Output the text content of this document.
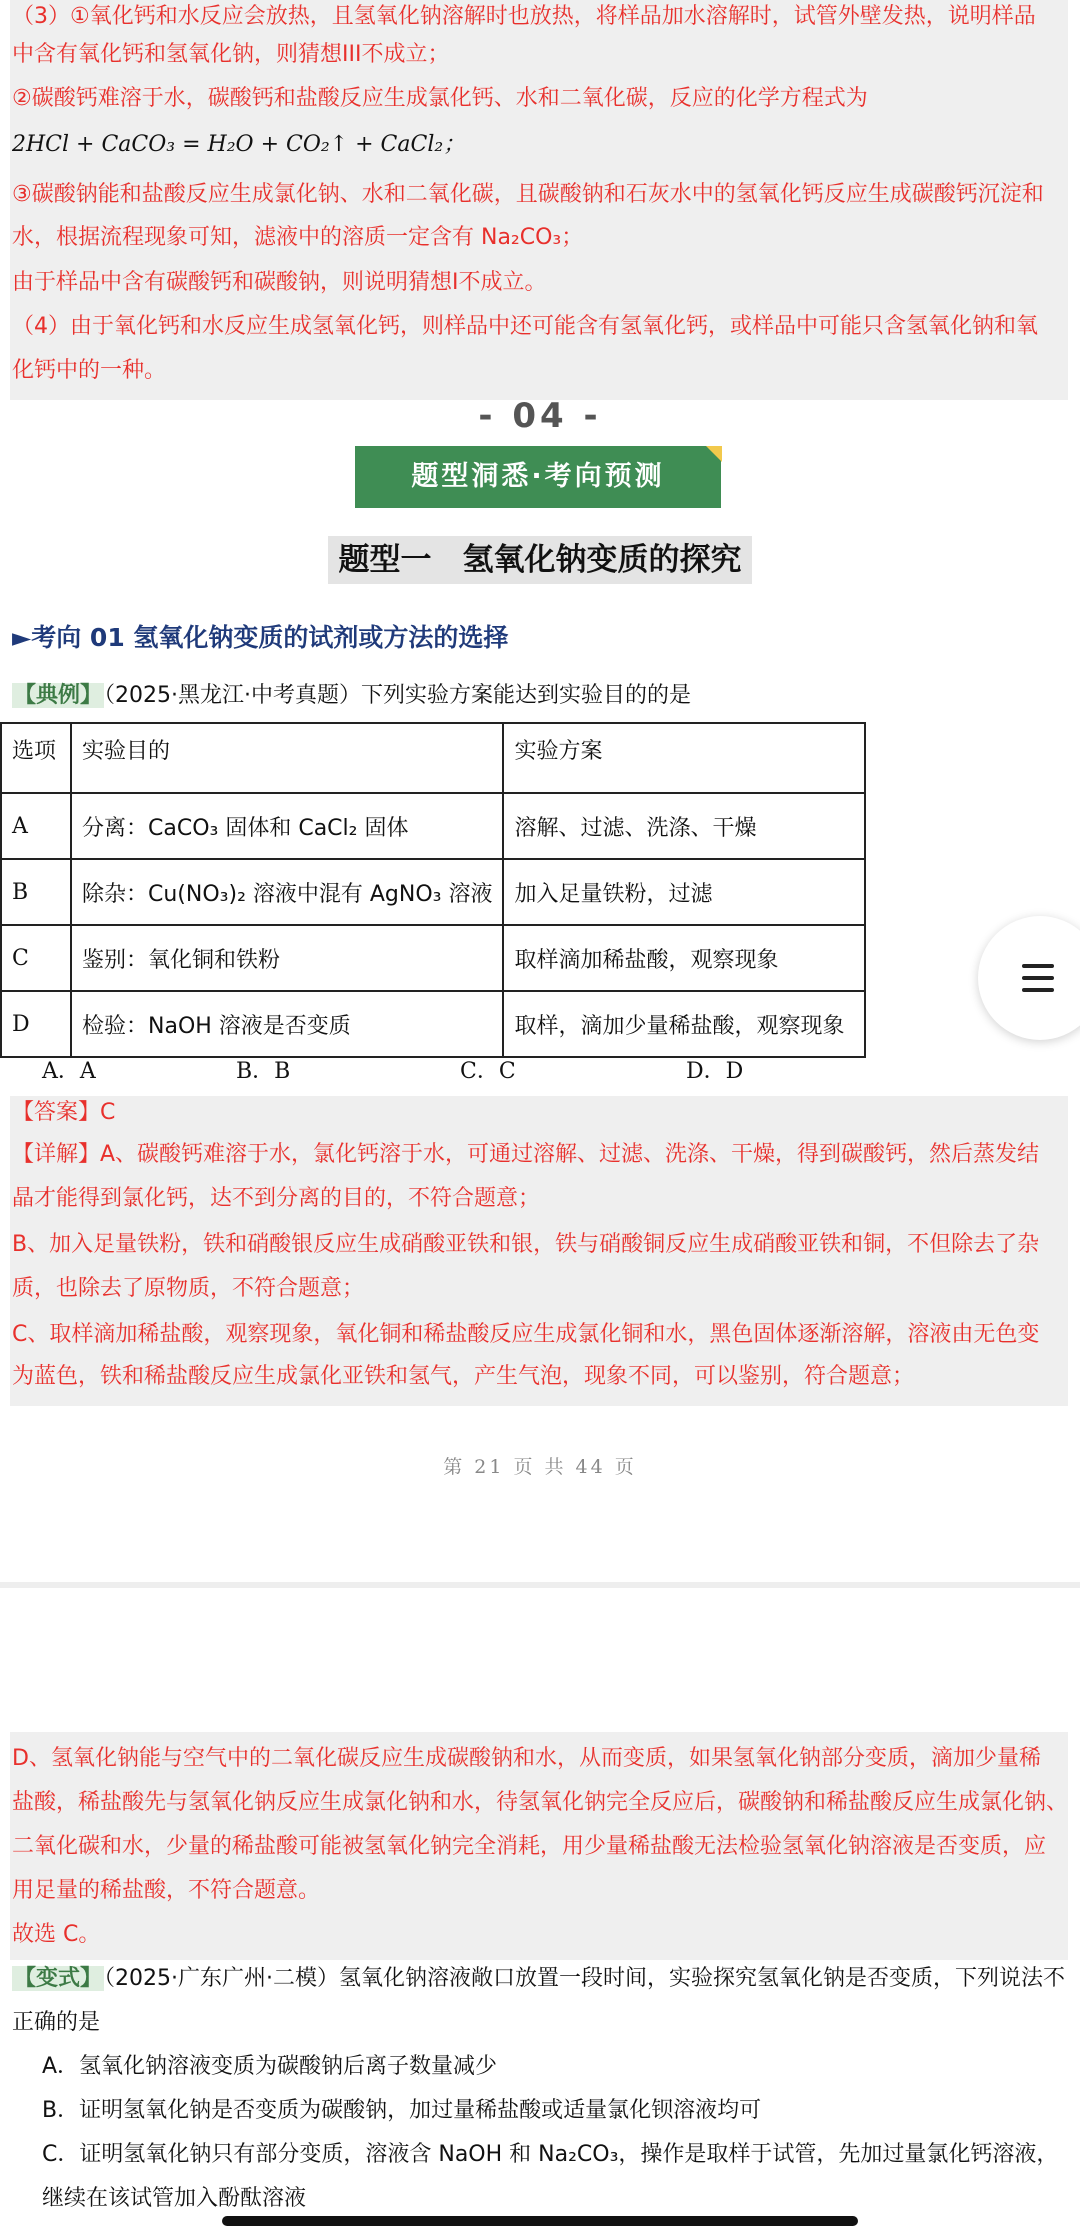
（3）①氧化钙和水反应会放热，且氢氧化钠溶解时也放热，将样品加水溶解时，试管外壁发热，说明样品
中含有氧化钙和氢氧化钠，则猜想III不成立；
②碳酸钙难溶于水，碳酸钙和盐酸反应生成氯化钙、水和二氧化碳，反应的化学方程式为
2HCl + CaCO₃ = H₂O + CO₂↑ + CaCl₂；
③碳酸钠能和盐酸反应生成氯化钠、水和二氧化碳，且碳酸钠和石灰水中的氢氧化钙反应生成碳酸钙沉淀和
水，根据流程现象可知，滤液中的溶质一定含有 Na₂CO₃；
由于样品中含有碳酸钙和碳酸钠，则说明猜想I不成立。
（4）由于氧化钙和水反应生成氢氧化钙，则样品中还可能含有氢氧化钙，或样品中可能只含氢氧化钠和氧
化钙中的一种。
- 04 -
题型洞悉·考向预测
题型一　氢氧化钠变质的探究
►考向 01 氢氧化钠变质的试剂或方法的选择
【典例】（2025·黑龙江·中考真题）下列实验方案能达到实验目的的是
选项	实验目的	实验方案
A	分离：CaCO₃ 固体和 CaCl₂ 固体	溶解、过滤、洗涤、干燥
B	除杂：Cu(NO₃)₂ 溶液中混有 AgNO₃ 溶液	加入足量铁粉，过滤
C	鉴别：氧化铜和铁粉	取样滴加稀盐酸，观察现象
D	检验：NaOH 溶液是否变质	取样，滴加少量稀盐酸，观察现象
A．A	B．B	C．C	D．D
【答案】C
【详解】A、碳酸钙难溶于水，氯化钙溶于水，可通过溶解、过滤、洗涤、干燥，得到碳酸钙，然后蒸发结
晶才能得到氯化钙，达不到分离的目的，不符合题意；
B、加入足量铁粉，铁和硝酸银反应生成硝酸亚铁和银，铁与硝酸铜反应生成硝酸亚铁和铜，不但除去了杂
质，也除去了原物质，不符合题意；
C、取样滴加稀盐酸，观察现象，氧化铜和稀盐酸反应生成氯化铜和水，黑色固体逐渐溶解，溶液由无色变
为蓝色，铁和稀盐酸反应生成氯化亚铁和氢气，产生气泡，现象不同，可以鉴别，符合题意；
第 21 页 共 44 页
D、氢氧化钠能与空气中的二氧化碳反应生成碳酸钠和水，从而变质，如果氢氧化钠部分变质，滴加少量稀
盐酸，稀盐酸先与氢氧化钠反应生成氯化钠和水，待氢氧化钠完全反应后，碳酸钠和稀盐酸反应生成氯化钠、
二氧化碳和水，少量的稀盐酸可能被氢氧化钠完全消耗，用少量稀盐酸无法检验氢氧化钠溶液是否变质，应
用足量的稀盐酸，不符合题意。
故选 C。
【变式】（2025·广东广州·二模）氢氧化钠溶液敞口放置一段时间，实验探究氢氧化钠是否变质，下列说法不
正确的是
A．氢氧化钠溶液变质为碳酸钠后离子数量减少
B．证明氢氧化钠是否变质为碳酸钠，加过量稀盐酸或适量氯化钡溶液均可
C．证明氢氧化钠只有部分变质，溶液含 NaOH 和 Na₂CO₃，操作是取样于试管，先加过量氯化钙溶液，
继续在该试管加入酚酞溶液
